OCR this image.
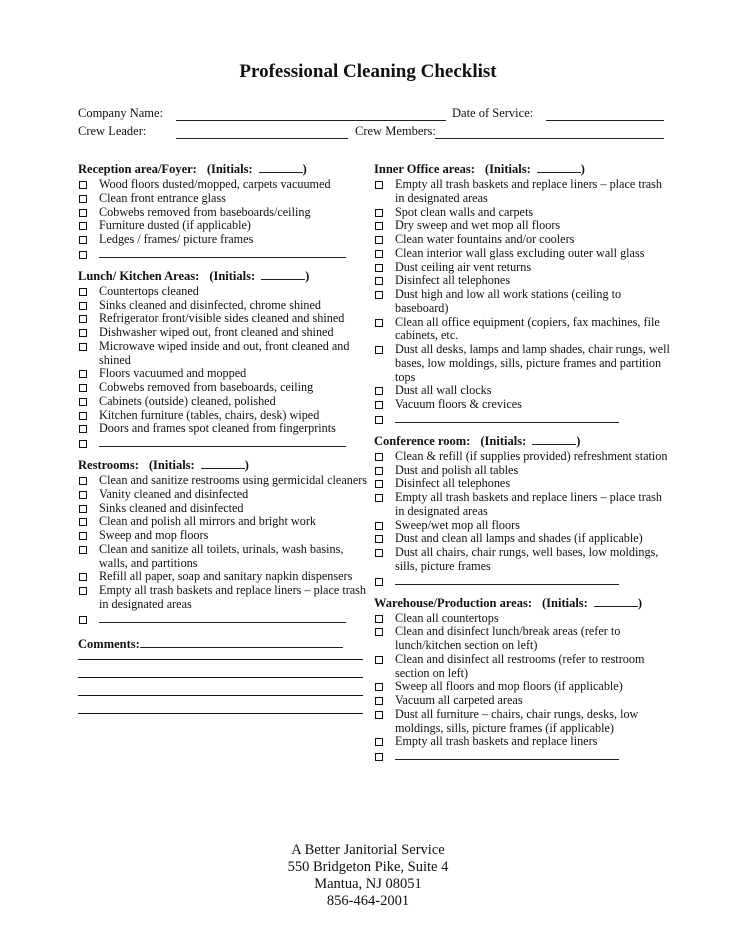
Professional Cleaning Checklist
Company Name:	Date of Service:
Crew Leader:	Crew Members:
Reception area/Foyer: (Initials:	)
Wood floors dusted/mopped, carpets vacuumed
Clean front entrance glass
Cobwebs removed from baseboards/ceiling
Furniture dusted (if applicable)
Ledges / frames/ picture frames
Lunch/ Kitchen Areas: (Initials:	)
Countertops cleaned
Sinks cleaned and disinfected, chrome shined
Refrigerator front/visible sides cleaned and shined
Dishwasher wiped out, front cleaned and shined
Microwave wiped inside and out, front cleaned and shined
Floors vacuumed and mopped
Cobwebs removed from baseboards, ceiling
Cabinets (outside) cleaned, polished
Kitchen furniture (tables, chairs, desk) wiped
Doors and frames spot cleaned from fingerprints
Restrooms: (Initials:	)
Clean and sanitize restrooms using germicidal cleaners
Vanity cleaned and disinfected
Sinks cleaned and disinfected
Clean and polish all mirrors and bright work
Sweep and mop floors
Clean and sanitize all toilets, urinals, wash basins, walls, and partitions
Refill all paper, soap and sanitary napkin dispensers
Empty all trash baskets and replace liners – place trash in designated areas
Comments:
Inner Office areas: (Initials:	)
Empty all trash baskets and replace liners – place trash in designated areas
Spot clean walls and carpets
Dry sweep and wet mop all floors
Clean water fountains and/or coolers
Clean interior wall glass excluding outer wall glass
Dust ceiling air vent returns
Disinfect all telephones
Dust high and low all work stations (ceiling to baseboard)
Clean all office equipment (copiers, fax machines, file cabinets, etc.
Dust all desks, lamps and lamp shades, chair rungs, well bases, low moldings, sills, picture frames and partition tops
Dust all wall clocks
Vacuum floors & crevices
Conference room: (Initials:	)
Clean & refill (if supplies provided) refreshment station
Dust and polish all tables
Disinfect all telephones
Empty all trash baskets and replace liners – place trash in designated areas
Sweep/wet mop all floors
Dust and clean all lamps and shades (if applicable)
Dust all chairs, chair rungs, well bases, low moldings, sills, picture frames
Warehouse/Production areas: (Initials:	)
Clean all countertops
Clean and disinfect lunch/break areas (refer to lunch/kitchen section on left)
Clean and disinfect all restrooms (refer to restroom section on left)
Sweep all floors and mop floors (if applicable)
Vacuum all carpeted areas
Dust all furniture – chairs, chair rungs, desks, low moldings, sills, picture frames (if applicable)
Empty all trash baskets and replace liners
A Better Janitorial Service
550 Bridgeton Pike, Suite 4
Mantua, NJ 08051
856-464-2001
